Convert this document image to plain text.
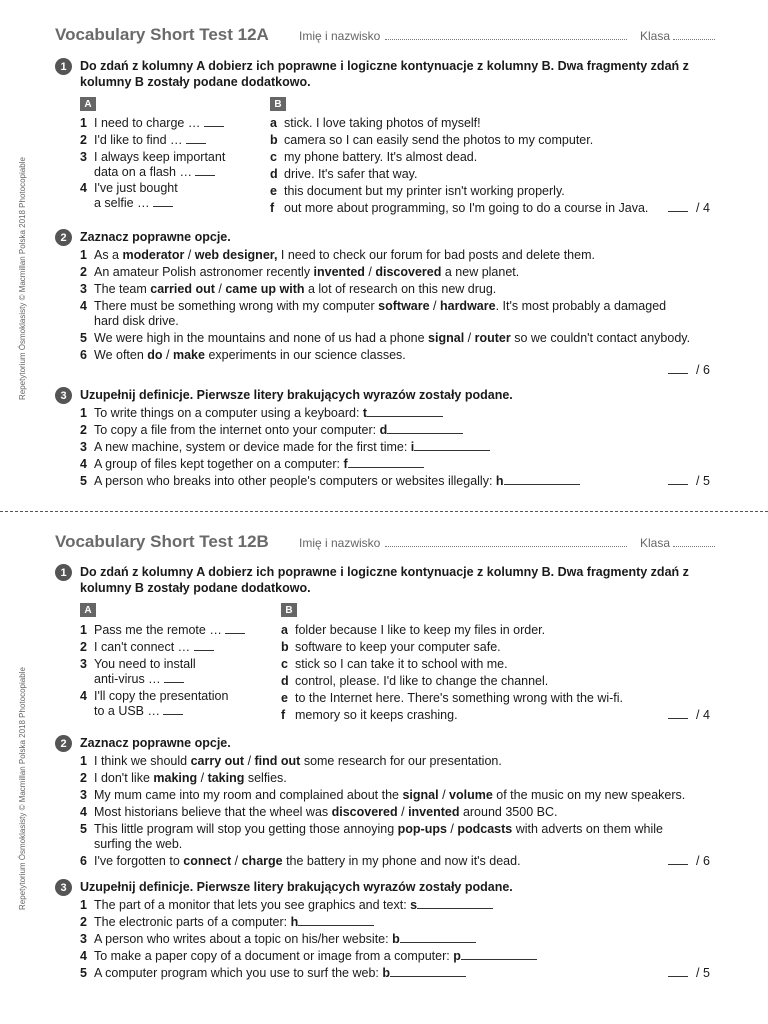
Repetytorium Ósmoklasisty © Macmillan Polska 2018 Photocopiable
Repetytorium Ósmoklasisty © Macmillan Polska 2018 Photocopiable
Vocabulary Short Test 12A	Imię i nazwisko	Klasa
1	Do zdań z kolumny A dobierz ich poprawne i logiczne kontynuacje z kolumny B. Dwa fragmenty zdań z kolumny B zostały podane dodatkowo.
A	B
1 I need to charge …
2 I'd like to find …
3 I always keep important
data on a flash …
4 I've just bought
a selfie …
a stick. I love taking photos of myself!
b camera so I can easily send the photos to my computer.
c my phone battery. It's almost dead.
d drive. It's safer that way.
e this document but my printer isn't working properly.
f out more about programming, so I'm going to do a course in Java.	/ 4
2	Zaznacz poprawne opcje.
1 As a moderator / web designer, I need to check our forum for bad posts and delete them.
2 An amateur Polish astronomer recently invented / discovered a new planet.
3 The team carried out / came up with a lot of research on this new drug.
4 There must be something wrong with my computer software / hardware. It's most probably a damaged
hard disk drive.
5 We were high in the mountains and none of us had a phone signal / router so we couldn't contact anybody.
6 We often do / make experiments in our science classes.
/ 6
3	Uzupełnij definicje. Pierwsze litery brakujących wyrazów zostały podane.
1 To write things on a computer using a keyboard: t
2 To copy a file from the internet onto your computer: d
3 A new machine, system or device made for the first time: i
4 A group of files kept together on a computer: f
5 A person who breaks into other people's computers or websites illegally: h	/ 5
Vocabulary Short Test 12B	Imię i nazwisko	Klasa
1	Do zdań z kolumny A dobierz ich poprawne i logiczne kontynuacje z kolumny B. Dwa fragmenty zdań z kolumny B zostały podane dodatkowo.
A	B
1 Pass me the remote …
2 I can't connect …
3 You need to install
anti-virus …
4 I'll copy the presentation
to a USB …
a folder because I like to keep my files in order.
b software to keep your computer safe.
c stick so I can take it to school with me.
d control, please. I'd like to change the channel.
e to the Internet here. There's something wrong with the wi-fi.
f memory so it keeps crashing.	/ 4
2	Zaznacz poprawne opcje.
1 I think we should carry out / find out some research for our presentation.
2 I don't like making / taking selfies.
3 My mum came into my room and complained about the signal / volume of the music on my new speakers.
4 Most historians believe that the wheel was discovered / invented around 3500 BC.
5 This little program will stop you getting those annoying pop-ups / podcasts with adverts on them while
surfing the web.
6 I've forgotten to connect / charge the battery in my phone and now it's dead.	/ 6
3	Uzupełnij definicje. Pierwsze litery brakujących wyrazów zostały podane.
1 The part of a monitor that lets you see graphics and text: s
2 The electronic parts of a computer: h
3 A person who writes about a topic on his/her website: b
4 To make a paper copy of a document or image from a computer: p
5 A computer program which you use to surf the web: b	/ 5
